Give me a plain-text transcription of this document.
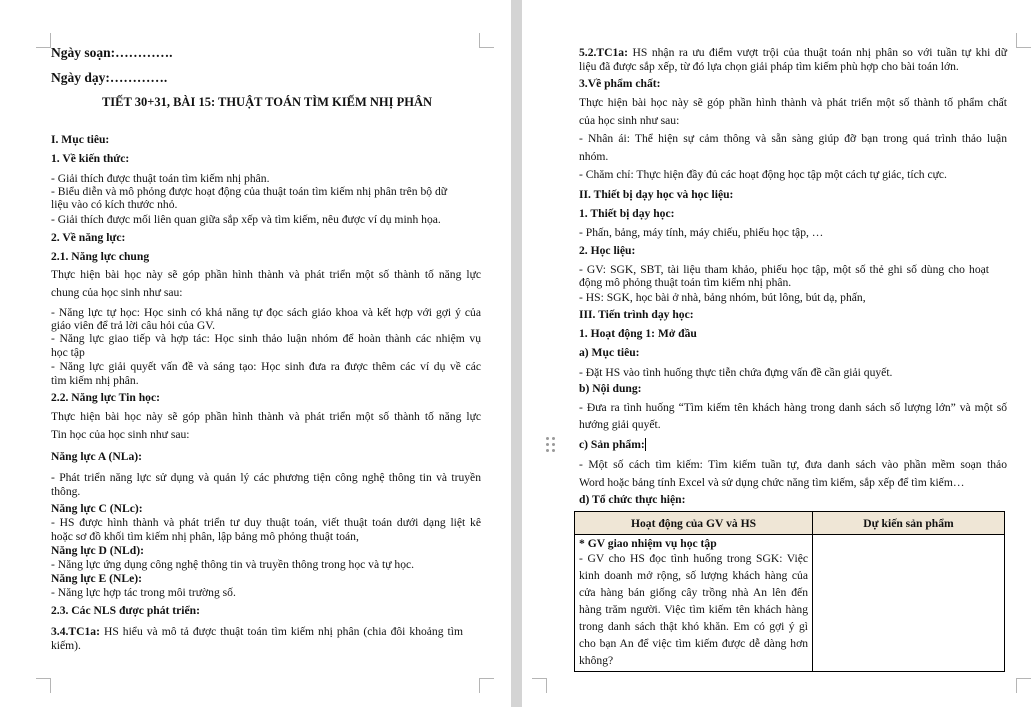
Ngày soạn:………….
Ngày dạy:………….
TIẾT 30+31, BÀI 15: THUẬT TOÁN TÌM KIẾM NHỊ PHÂN
I. Mục tiêu:
1. Về kiến thức:
- Giải thích được thuật toán tìm kiếm nhị phân.
- Biểu diễn và mô phỏng được hoạt động của thuật toán tìm kiếm nhị phân trên bộ dữ
liệu vào có kích thước nhỏ.
- Giải thích được mối liên quan giữa sắp xếp và tìm kiếm, nêu được ví dụ minh họa.
2. Về năng lực:
2.1. Năng lực chung
Thực hiện bài học này sẽ góp phần hình thành và phát triển một số thành tố năng lực
chung của học sinh như sau:
- Năng lực tự học: Học sinh có khả năng tự đọc sách giáo khoa và kết hợp với gợi ý của
giáo viên để trả lời câu hỏi của GV.
- Năng lực giao tiếp và hợp tác: Học sinh thảo luận nhóm để hoàn thành các nhiệm vụ
học tập
- Năng lực giải quyết vấn đề và sáng tạo: Học sinh đưa ra được thêm các ví dụ về các
tìm kiếm nhị phân.
2.2. Năng lực Tin học:
Thực hiện bài học này sẽ góp phần hình thành và phát triển một số thành tố năng lực
Tin học của học sinh như sau:
Năng lực A (NLa):
- Phát triển năng lực sử dụng và quản lý các phương tiện công nghệ thông tin và truyền
thông.
Năng lực C (NLc):
- HS được hình thành và phát triển tư duy thuật toán, viết thuật toán dưới dạng liệt kê
hoặc sơ đồ khối tìm kiếm nhị phân, lập bảng mô phỏng thuật toán,
Năng lực D (NLd):
- Năng lực ứng dụng công nghệ thông tin và truyền thông trong học và tự học.
Năng lực E (NLe):
- Năng lực hợp tác trong môi trường số.
2.3. Các NLS được phát triển:
3.4.TC1a: HS hiểu và mô tả được thuật toán tìm kiếm nhị phân (chia đôi khoảng tìm
kiếm).
5.2.TC1a: HS nhận ra ưu điểm vượt trội của thuật toán nhị phân so với tuần tự khi dữ
liệu đã được sắp xếp, từ đó lựa chọn giải pháp tìm kiếm phù hợp cho bài toán lớn.
3.Về phẩm chất:
Thực hiện bài học này sẽ góp phần hình thành và phát triển một số thành tố phẩm chất
của học sinh như sau:
- Nhân ái: Thể hiện sự cảm thông và sẵn sàng giúp đỡ bạn trong quá trình thảo luận
nhóm.
- Chăm chỉ: Thực hiện đầy đủ các hoạt động học tập một cách tự giác, tích cực.
II. Thiết bị dạy học và học liệu:
1. Thiết bị dạy học:
- Phấn, bảng, máy tính, máy chiếu, phiếu học tập, …
2. Học liệu:
- GV: SGK, SBT, tài liệu tham khảo, phiếu học tập, một số thẻ ghi số dùng cho hoạt
động mô phỏng thuật toán tìm kiếm nhị phân.
- HS: SGK, học bài ở nhà, bảng nhóm, bút lông, bút dạ, phấn,
III. Tiến trình dạy học:
1. Hoạt động 1: Mở đầu
a) Mục tiêu:
- Đặt HS vào tình huống thực tiễn chứa đựng vấn đề cần giải quyết.
b) Nội dung:
- Đưa ra tình huống “Tìm kiếm tên khách hàng trong danh sách số lượng lớn” và một số
hướng giải quyết.
c) Sản phẩm:
- Một số cách tìm kiếm: Tìm kiếm tuần tự, đưa danh sách vào phần mềm soạn thảo
Word hoặc bảng tính Excel và sử dụng chức năng tìm kiếm, sắp xếp để tìm kiếm…
d) Tổ chức thực hiện:
Hoạt động của GV và HS	Dự kiến sản phẩm

* GV giao nhiệm vụ học tập
- GV cho HS đọc tình huống trong SGK: Việc kinh doanh mở rộng, số lượng khách hàng của cửa hàng bán giống cây trồng nhà An lên đến hàng trăm người. Việc tìm kiếm tên khách hàng trong danh sách thật khó khăn. Em có gợi ý gì cho bạn An để việc tìm kiếm được dễ dàng hơn không?	
